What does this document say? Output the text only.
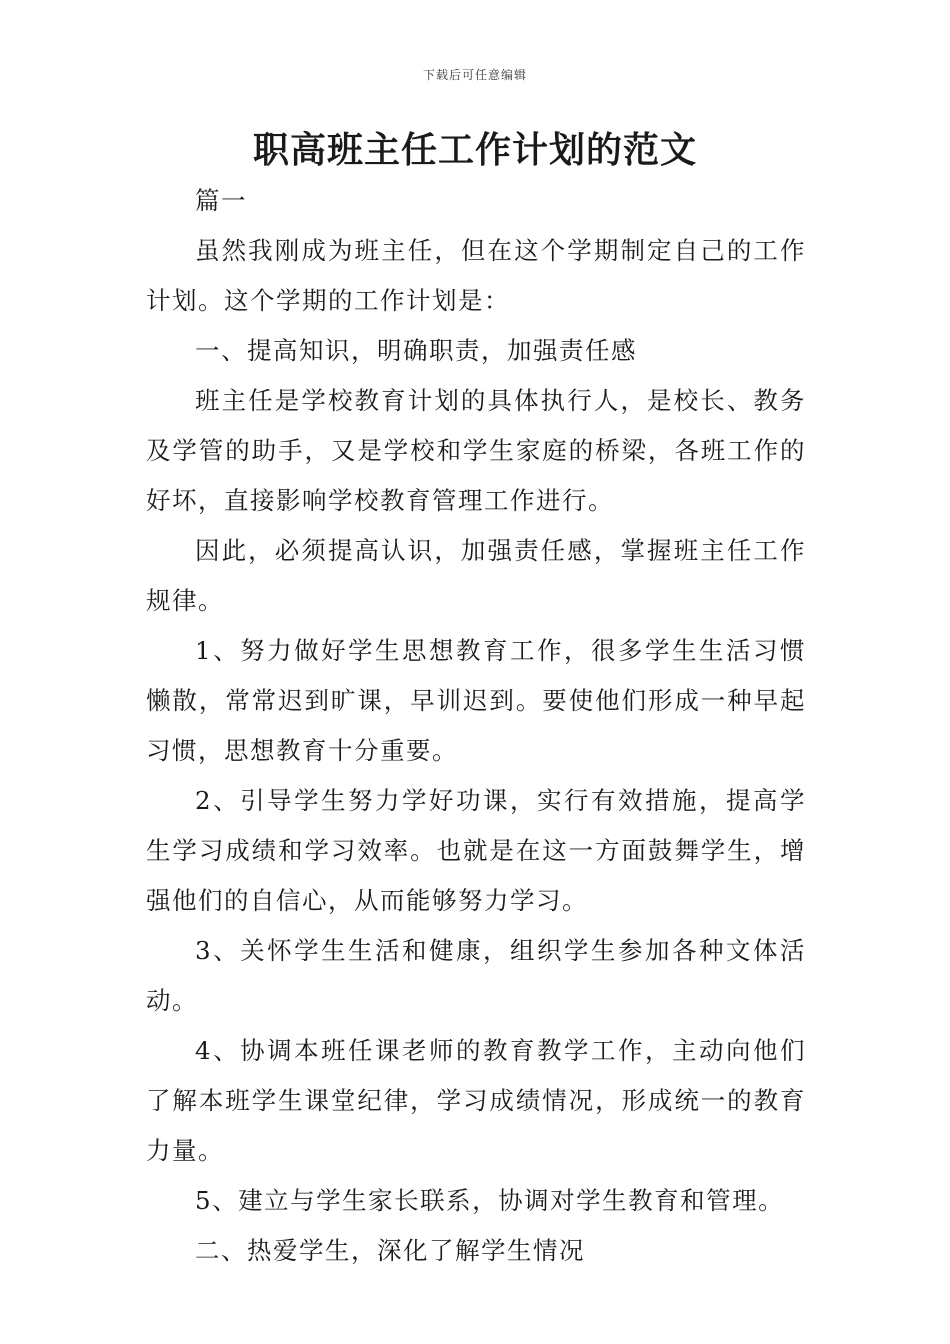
下载后可任意编辑
职高班主任工作计划的范文

篇一

虽然我刚成为班主任，但在这个学期制定自己的工作计划。这个学期的工作计划是：

一、提高知识，明确职责，加强责任感

班主任是学校教育计划的具体执行人，是校长、教务及学管的助手，又是学校和学生家庭的桥梁，各班工作的好坏，直接影响学校教育管理工作进行。

因此，必须提高认识，加强责任感，掌握班主任工作规律。

1、努力做好学生思想教育工作，很多学生生活习惯懒散，常常迟到旷课，早训迟到。要使他们形成一种早起习惯，思想教育十分重要。

2、引导学生努力学好功课，实行有效措施，提高学生学习成绩和学习效率。也就是在这一方面鼓舞学生，增强他们的自信心，从而能够努力学习。

3、关怀学生生活和健康，组织学生参加各种文体活动。

4、协调本班任课老师的教育教学工作，主动向他们了解本班学生课堂纪律，学习成绩情况，形成统一的教育力量。

5、建立与学生家长联系，协调对学生教育和管理。

二、热爱学生，深化了解学生情况
